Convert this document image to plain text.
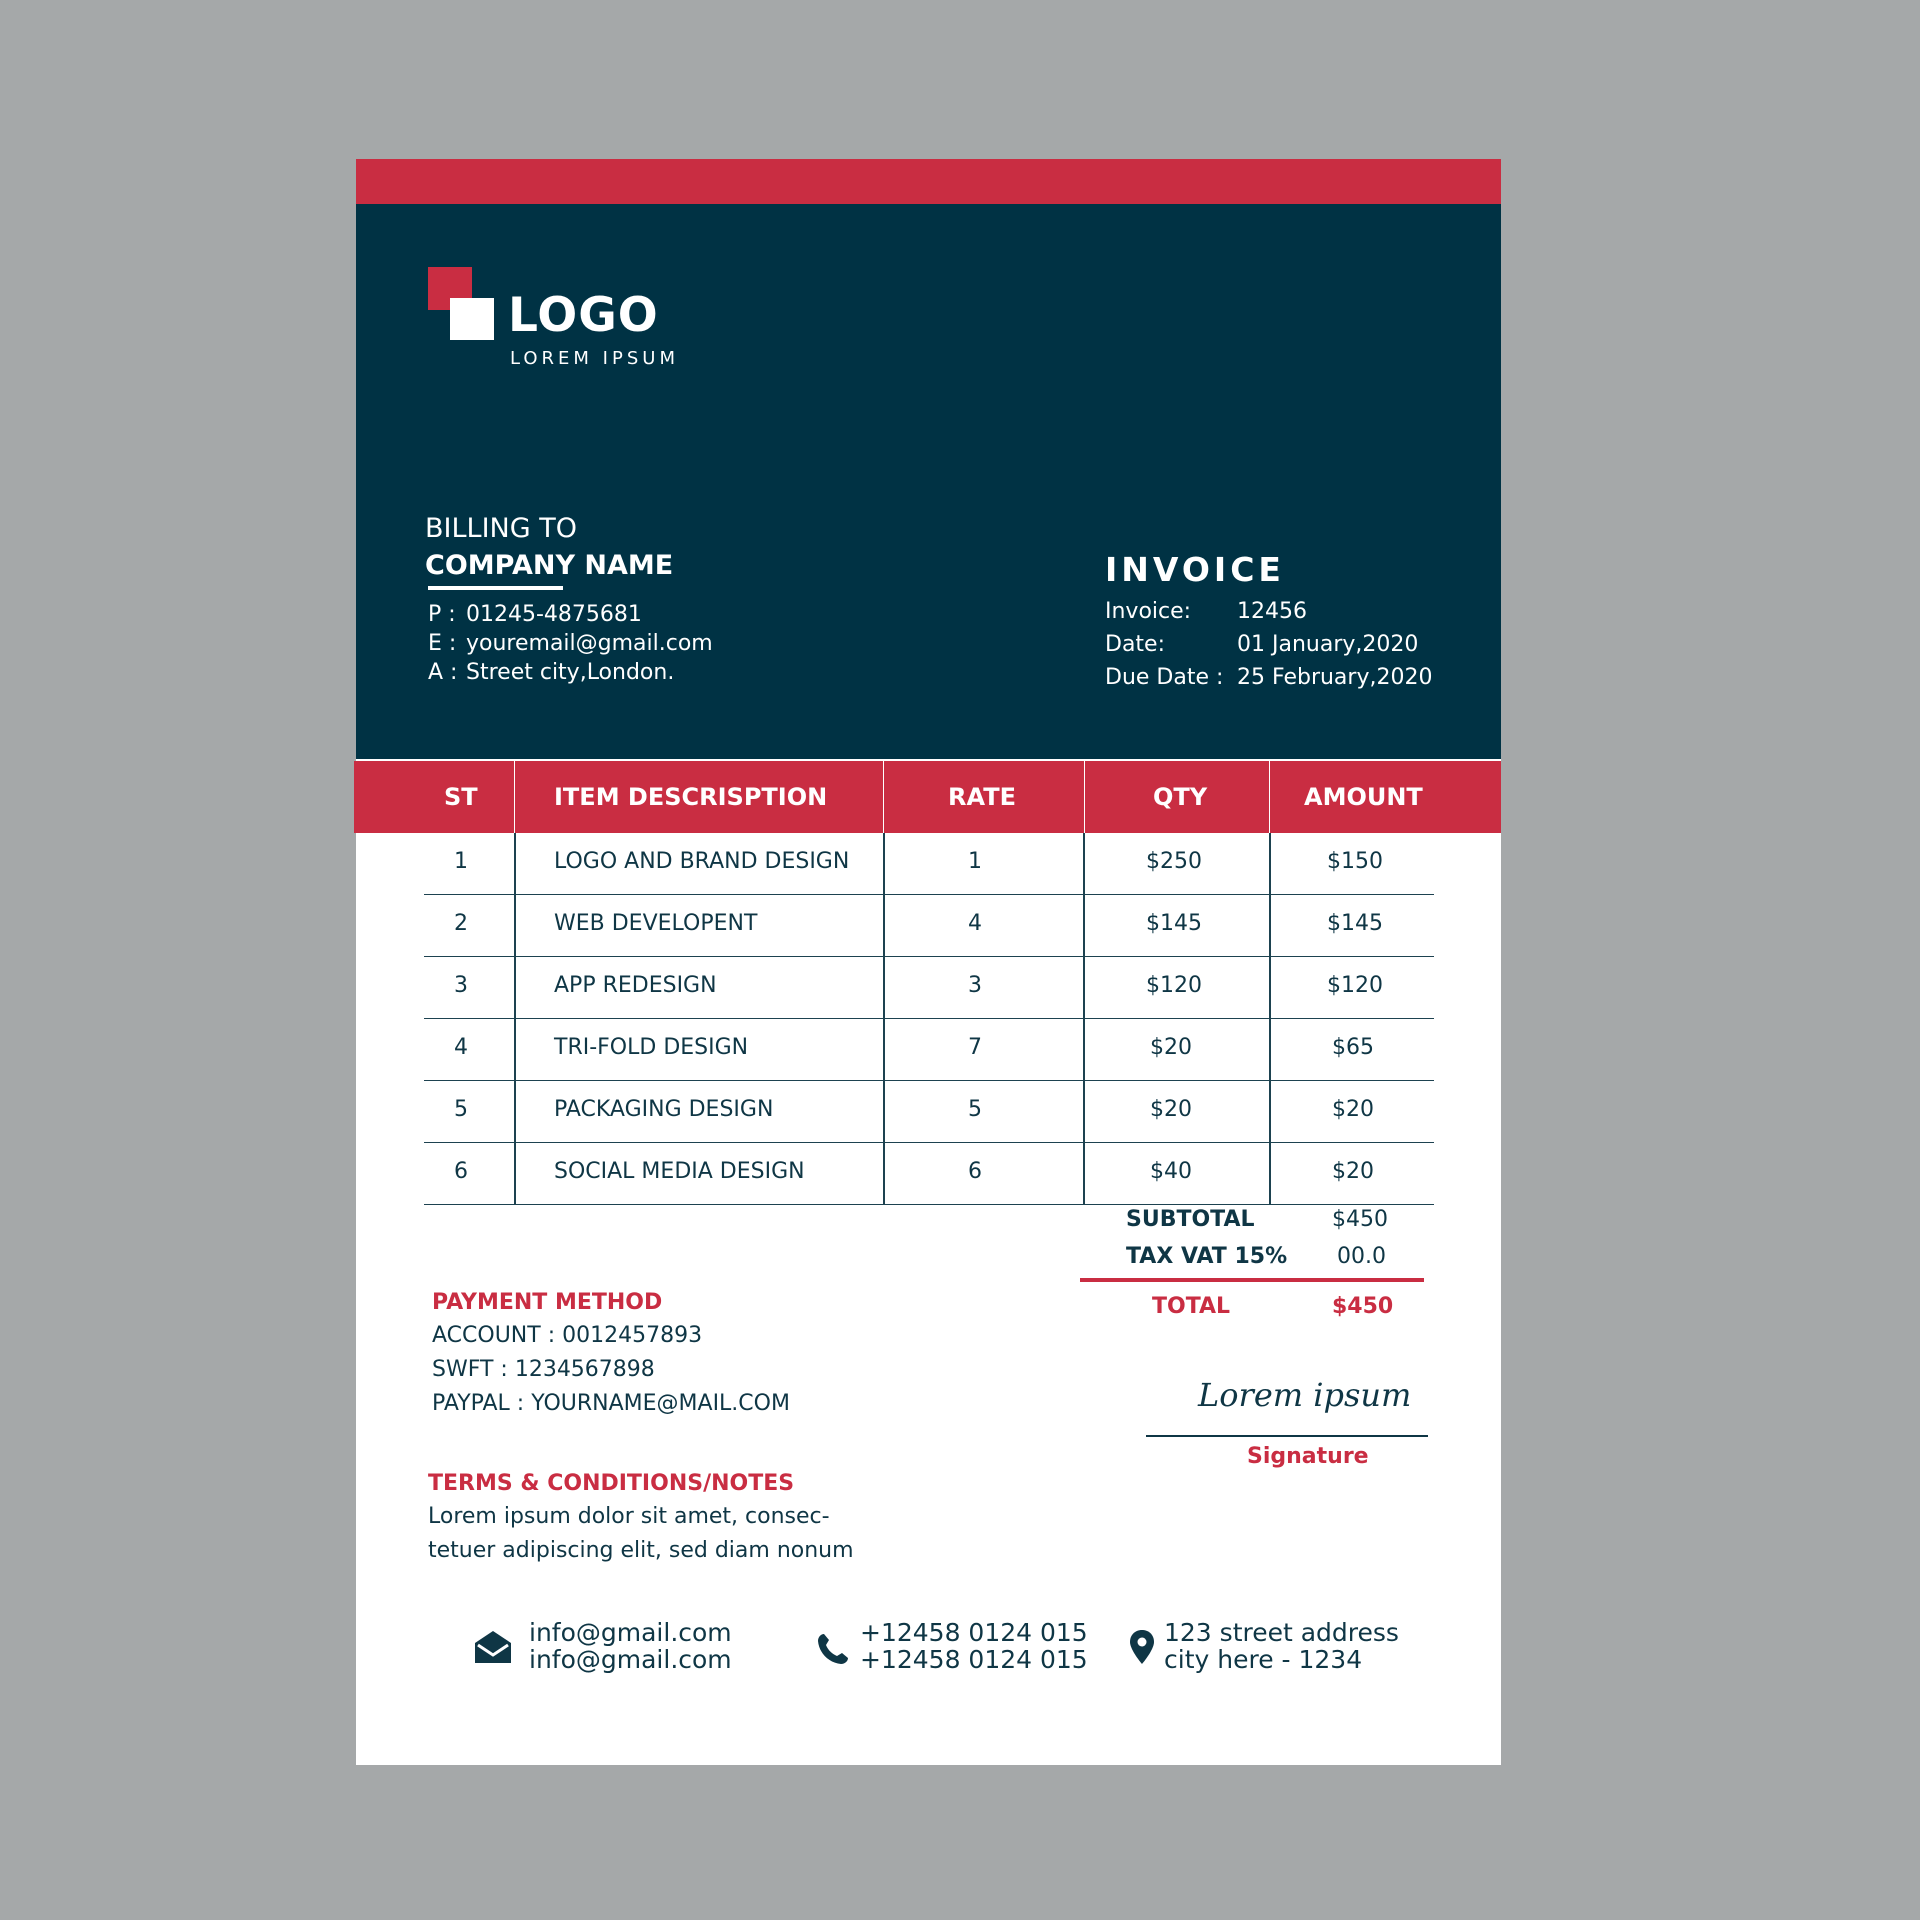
LOGO
LOREM IPSUM
BILLING TO
COMPANY NAME
P : 01245-4875681
E : youremail@gmail.com
A : Street city,London.
INVOICE
Invoice: 12456
Date:	01 January,2020
Due Date : 25 February,2020
ST	ITEM DESCRISPTION	RATE	QTY	AMOUNT
1	LOGO AND BRAND DESIGN	1	$250	$150
2	WEB DEVELOPENT	4	$145	$145
3	APP REDESIGN	3	$120	$120
4	TRI-FOLD DESIGN	7	$20	$65
5	PACKAGING DESIGN	5	$20	$20
6	SOCIAL MEDIA DESIGN	6	$40	$20
SUBTOTAL	$450
TAX VAT 15% 00.0
TOTAL	$450
PAYMENT METHOD
ACCOUNT : 0012457893
SWFT : 1234567898
PAYPAL : YOURNAME@MAIL.COM
TERMS & CONDITIONS/NOTES
Lorem ipsum dolor sit amet, consec-
tetuer adipiscing elit, sed diam nonum
Lorem ipsum
Signature
info@gmail.com
info@gmail.com
+12458 0124 015
+12458 0124 015
123 street address
city here - 1234
